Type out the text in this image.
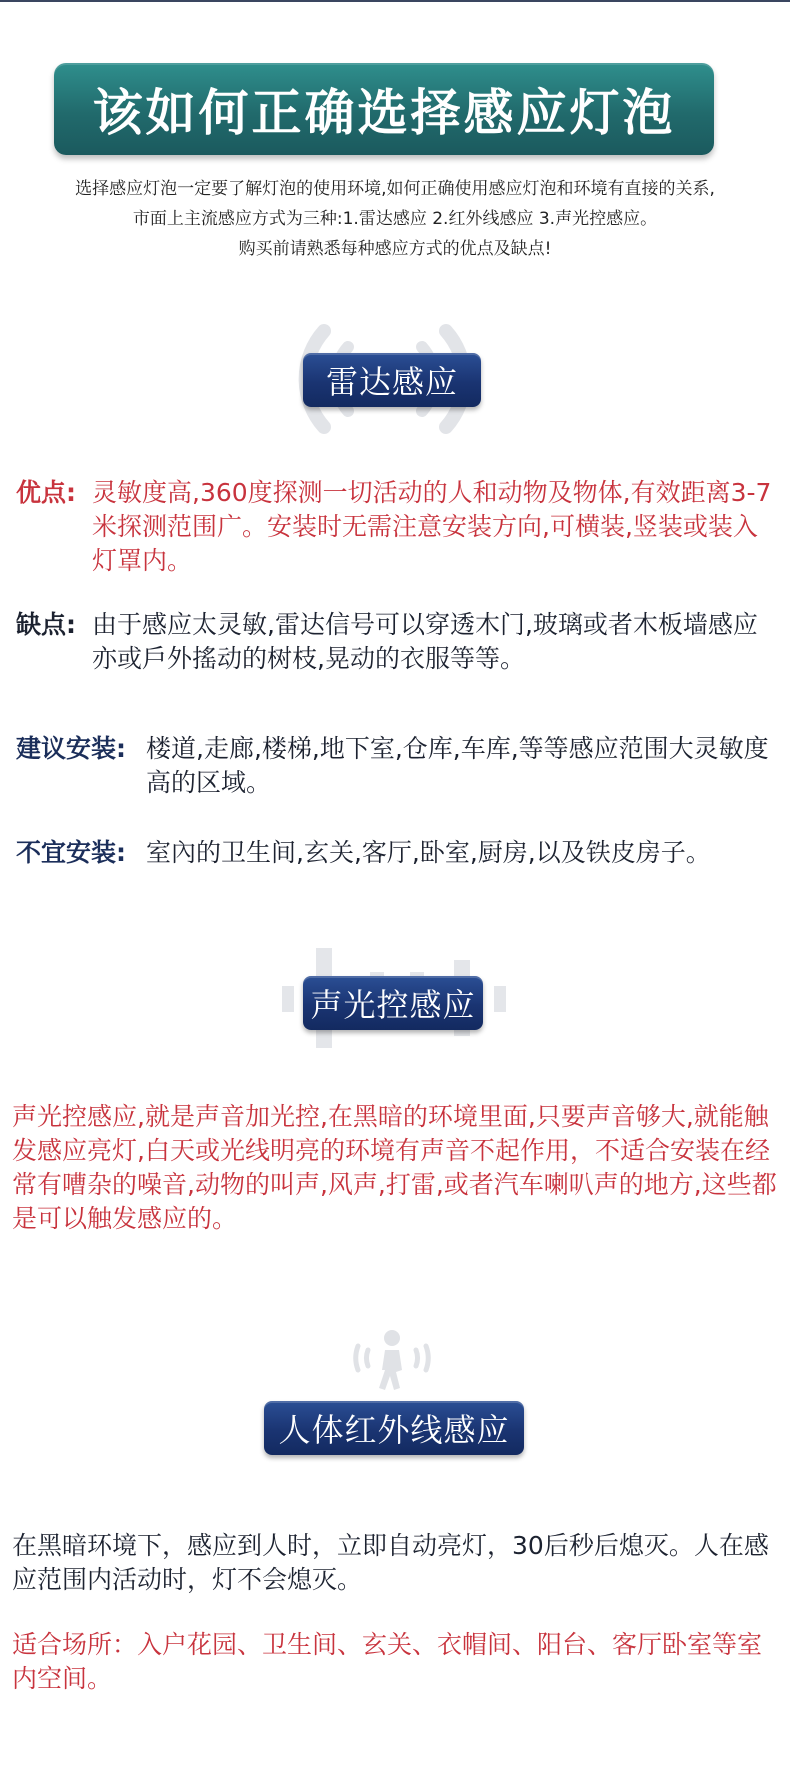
该如何正确选择感应灯泡
选择感应灯泡一定要了解灯泡的使用环境,如何正确使用感应灯泡和环境有直接的关系,
市面上主流感应方式为三种:1.雷达感应 2.红外线感应 3.声光控感应。
购买前请熟悉每种感应方式的优点及缺点!
雷达感应
优点: 灵敏度高,360度探测一切活动的人和动物及物体,有效距离3-7米探测范围广。安装时无需注意安装方向,可横装,竖装或装入灯罩内。
缺点: 由于感应太灵敏,雷达信号可以穿透木门,玻璃或者木板墙感应亦或戶外搖动的树枝,晃动的衣服等等。
建议安装: 楼道,走廊,楼梯,地下室,仓库,车库,等等感应范围大灵敏度高的区域。
不宜安装: 室內的卫生间,玄关,客厅,卧室,厨房,以及铁皮房子。
声光控感应
声光控感应,就是声音加光控,在黑暗的环境里面,只要声音够大,就能触发感应亮灯,白天或光线明亮的环境有声音不起作用，不适合安装在经常有嘈杂的噪音,动物的叫声,风声,打雷,或者汽车喇叭声的地方,这些都是可以触发感应的。
人体红外线感应
在黑暗环境下，感应到人时，立即自动亮灯，30后秒后熄灭。人在感应范围内活动时，灯不会熄灭。
适合场所：入户花园、卫生间、玄关、衣帽间、阳台、客厅卧室等室内空间。
